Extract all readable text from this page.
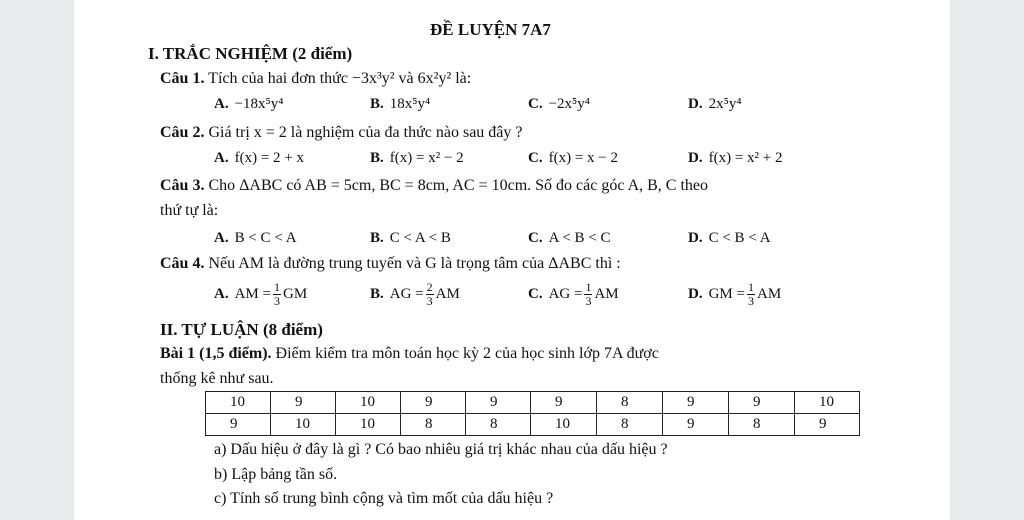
ĐỀ LUYỆN 7A7
I. TRẮC NGHIỆM (2 điểm)
Câu 1. Tích của hai đơn thức −3x³y² và 6x²y² là:
A. −18x⁵y⁴	B. 18x⁵y⁴	C. −2x⁵y⁴	D. 2x⁵y⁴
Câu 2. Giá trị x = 2 là nghiệm của đa thức nào sau đây ?
A. f(x) = 2 + x	B. f(x) = x² − 2	C. f(x) = x − 2	D. f(x) = x² + 2
Câu 3. Cho ΔABC có AB = 5cm, BC = 8cm, AC = 10cm. Số đo các góc A, B, C theo
thứ tự là:
A. B < C < A	B. C < A < B	C. A < B < C	D. C < B < A
Câu 4. Nếu AM là đường trung tuyến và G là trọng tâm của ΔABC thì :
A. AM = $\frac{1}{3}$ GM	B. AG = $\frac{2}{3}$ AM	C. AG = $\frac{1}{3}$ AM	D. GM = $\frac{1}{3}$ AM
II. TỰ LUẬN (8 điểm)
Bài 1 (1,5 điểm). Điểm kiểm tra môn toán học kỳ 2 của học sinh lớp 7A được
thống kê như sau.
10	9	10	9	9	9	8	9	9	10
9	10	10	8	8	10	8	9	8	9
a) Dấu hiệu ở đây là gì ? Có bao nhiêu giá trị khác nhau của dấu hiệu ?
b) Lập bảng tần số.
c) Tính số trung bình cộng và tìm mốt của dấu hiệu ?
